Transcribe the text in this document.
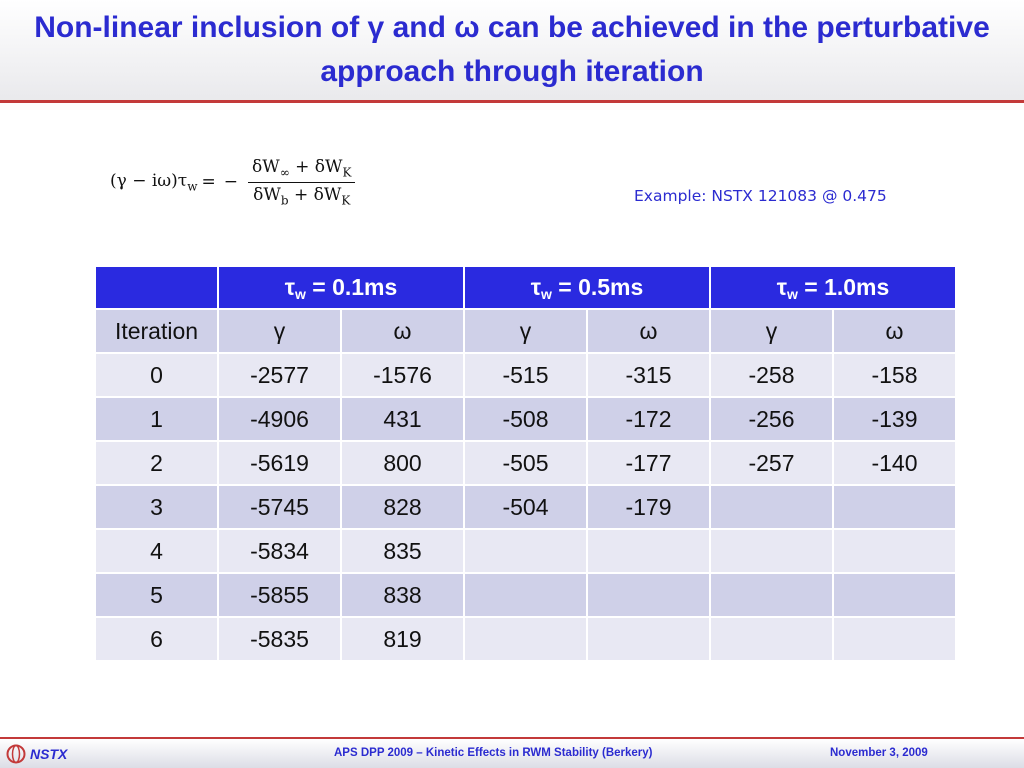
Non-linear inclusion of γ and ω can be achieved in the perturbative approach through iteration
$(\gamma - i\omega)\tau_w$ = − $\frac{\delta W_\infty + \delta W_K}{\delta W_b + \delta W_K}$	Example: NSTX 121083 @ 0.475
	$\tau_w = 0.1ms$		$\tau_w = 0.5ms$		$\tau_w = 1.0ms$	
Iteration	γ	ω	γ	ω	γ	ω
0	-2577	-1576	-515	-315	-258	-158
1	-4906	431	-508	-172	-256	-139
2	-5619	800	-505	-177	-257	-140
3	-5745	828	-504	-179		
4	-5834	835				
5	-5855	838				
6	-5835	819				
NSTX	APS DPP 2009 – Kinetic Effects in RWM Stability (Berkery)	November 3, 2009
